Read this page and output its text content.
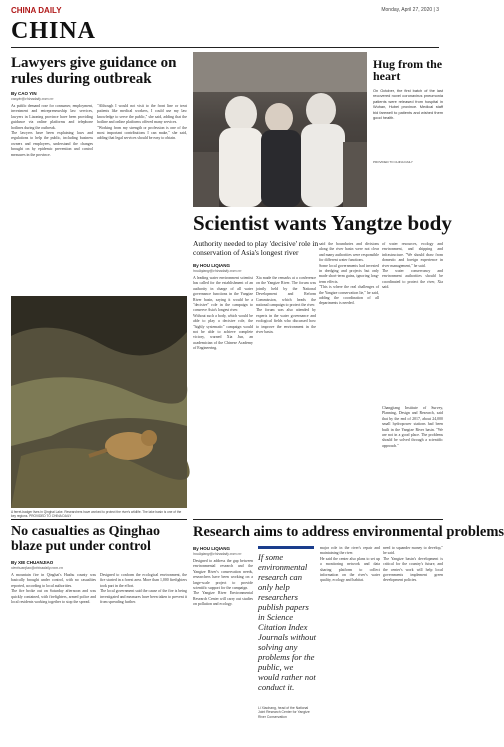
CHINA DAILY	Monday, April 27, 2020 | 3
CHINA
Lawyers give guidance on rules during outbreak
By CAO YIN
caoyin@chinadaily.com.cn
As public demand rose for consumer, employment, investment and entrepreneurship law services, lawyers in Liaoning province have been providing guidance via online platforms and telephone hotlines during the outbreak.
The lawyers have been explaining laws and regulations to help the public, including business owners and employees, understand the changes brought on by epidemic prevention and control measures in the province.
"Although I would not visit to the front line or treat patients like medical workers, I could use my law knowledge to serve the public," she said, adding that the hotline and online platforms offered many services.
"Working from my strength or profession is one of the most important contributions I can make," she said, adding that legal services should be easy to obtain.
Hug from the heart
On October, the first batch of the last recovered novel coronavirus pneumonia patients were released from hospital in Wuhan, Hubei province. Medical staff bid farewell to patients and wished them good health.
PROVIDED TO CHINA DAILY
Scientist wants Yangtze body
Authority needed to play 'decisive' role in conservation of Asia's longest river
By HOU LIQIANG
houliqiang@chinadaily.com.cn
A leading water environment scientist has called for the establishment of an authority in charge of all water governance functions in the Yangtze River basin, saying it would be a "decisive" role in the campaign to conserve Asia's longest river.
Without such a body, which would be able to play a decisive role, the "highly systematic" campaign would not be able to achieve complete victory, warned Xia Jun, an academician of the Chinese Academy of Engineering.
Xia made the remarks at a conference on the Yangtze River. The forum was jointly held by the National Development and Reform Commission, which heads the national campaign to protect the river.
The forum was also attended by experts in the water governance and ecological fields who discussed how to improve the environment in the river basin.
said the boundaries and divisions along the river basin were not clear and many authorities were responsible for different water functions.
Some local governments had invested in dredging and projects but only made short-term gains, ignoring long-term effects.
"This is where the real challenges of the Yangtze conservation lie," he said, adding the coordination of all departments is needed.
of water resources, ecology and environment, and shipping and infrastructure. "We should draw from domestic and foreign experience in river management," he said.
The water conservancy and environment authorities should be coordinated to protect the river, Xia said.
A ferret-badger lives in Qinghai Lake. Researchers have worked to protect the river's wildlife. The lake basin is one of the key regions. PROVIDED TO CHINA DAILY
No casualties as Qinghao blaze put under control
By XIE CHUANJIAO
xiechuanjiao@chinadaily.com.cn
A mountain fire in Qinghai's Huzhu county was basically brought under control, with no casualties reported, according to local authorities.
The fire broke out on Saturday afternoon and was quickly contained, with firefighters, armed police and local residents working together to stop the spread.
Designed to conform the ecological environment, the fire started in a forest area. More than 1,000 firefighters took part in the effort.
The local government said the cause of the fire is being investigated and measures have been taken to prevent it from spreading further.
Changjiang Institute of Survey, Planning, Design and Research, said that by the end of 2017, about 24,000 small hydropower stations had been built in the Yangtze River basin. "We are not in a good place. The problems should be solved through a scientific approach."
Research aims to address environmental problems
By HOU LIQIANG
houliqiang@chinadaily.com.cn
Designed to address the gap between environmental research and the Yangtze River's conservation needs, researchers have been working on a large-scale project to provide scientific support for the campaign.
The Yangtze River Environmental Research Center will carry out studies on pollution and ecology.
If some environmental research can only help researchers publish papers in Science Citation Index Journals without solving any problems for the public, we would rather not conduct it.
Li Xiaohang, head of the National Joint Research Center for Yangtze River Conservation
major role in the river's repair and maintaining the river.
He said the center also plans to set up a monitoring network and data sharing platform to collect information on the river's water quality, ecology and habitat.
need to squander money to develop," he said.
The Yangtze basin's development is critical for the country's future, and the center's work will help local governments implement green development policies.
